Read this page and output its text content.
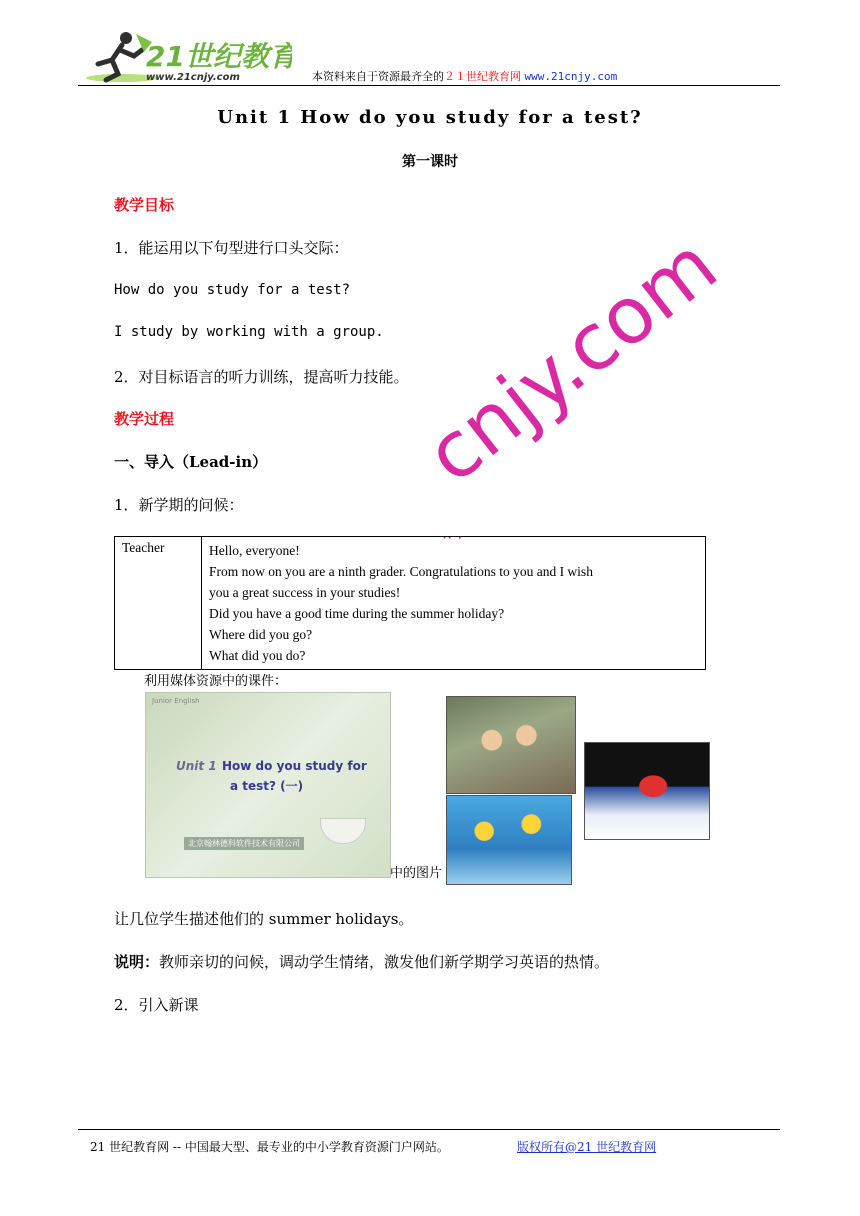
21世纪教育
www.21cnjy.com	本资料来自于资源最齐全的２１世纪教育网 www.21cnjy.com
Unit 1 How do you study for a test?
第一课时
教学目标
1．能运用以下句型进行口头交际：
How do you study for a test?
I study by working with a group.
2．对目标语言的听力训练，提高听力技能。
教学过程
一、导入（Lead-in）
1．新学期的问候：
·· ·
cnjy.com
Teacher	Hello, everyone!
From now on you are a ninth grader. Congratulations to you and I wish
you a great success in your studies!
Did you have a good time during the summer holiday?
Where did you go?
What did you do?
利用媒体资源中的课件：
Junior English
Unit 1 How do you study for
a test? (一)
北京翰林德科软件技术有限公司
中的图片
让几位学生描述他们的 summer holidays。
说明：教师亲切的问候，调动学生情绪，激发他们新学期学习英语的热情。
2．引入新课
21 世纪教育网 -- 中国最大型、最专业的中小学教育资源门户网站。	版权所有@21 世纪教育网
